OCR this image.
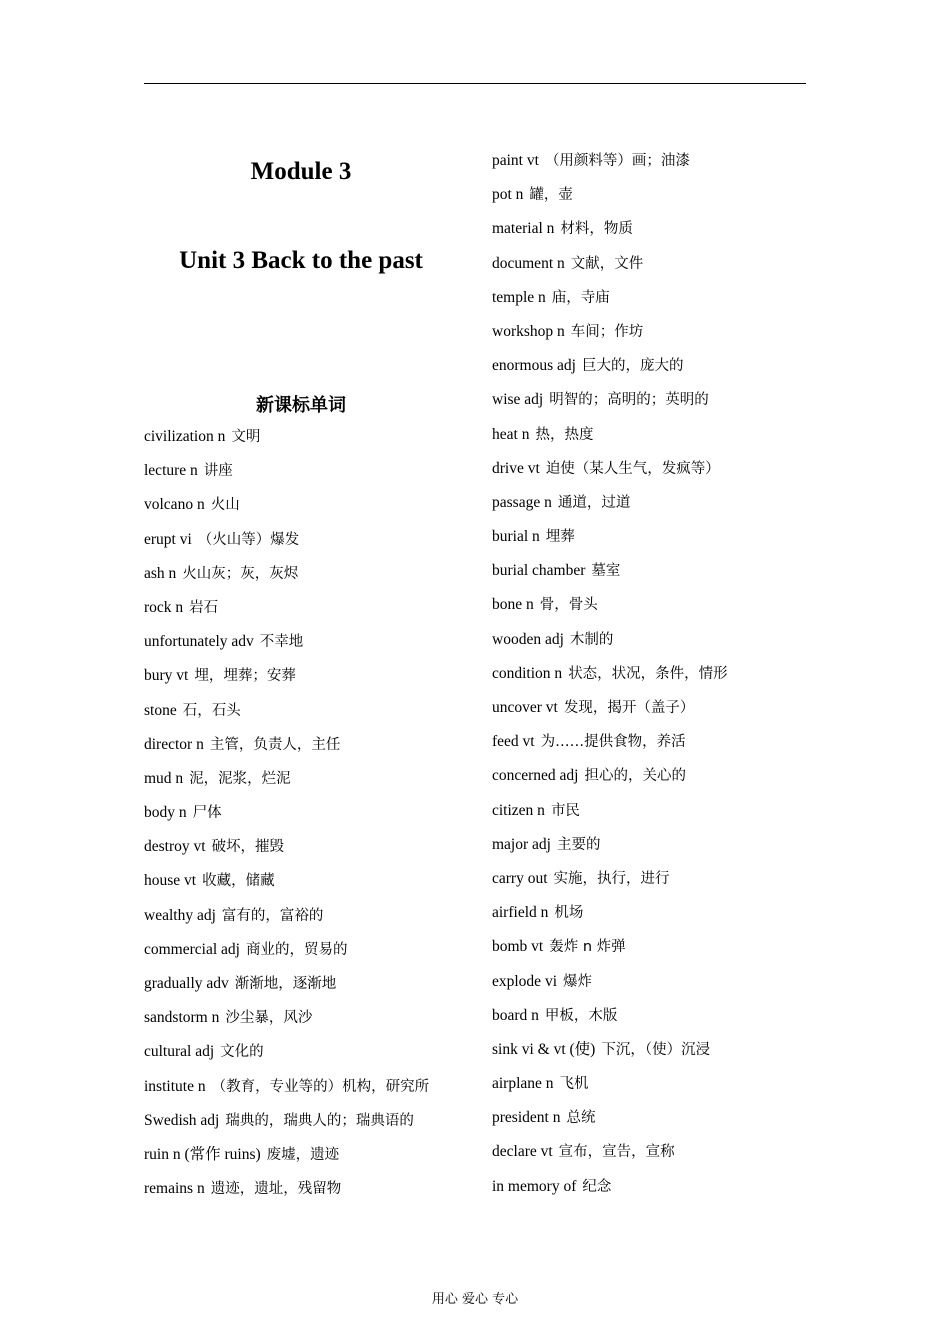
Module 3
Unit 3 Back to the past
新课标单词
civilization n 文明
lecture n 讲座
volcano n 火山
erupt vi （火山等）爆发
ash n 火山灰；灰，灰烬
rock n 岩石
unfortunately adv 不幸地
bury vt 埋，埋葬；安葬
stone 石，石头
director n 主管，负责人，主任
mud n 泥，泥浆，烂泥
body n 尸体
destroy vt 破坏，摧毁
house vt 收藏，储藏
wealthy adj 富有的，富裕的
commercial adj 商业的，贸易的
gradually adv 渐渐地，逐渐地
sandstorm n 沙尘暴，风沙
cultural adj 文化的
institute n （教育，专业等的）机构，研究所
Swedish adj 瑞典的，瑞典人的；瑞典语的
ruin n (常作 ruins) 废墟，遗迹
remains n 遗迹，遗址，残留物
paint vt （用颜料等）画；油漆
pot n 罐，壶
material n 材料，物质
document n 文献，文件
temple n 庙，寺庙
workshop n 车间；作坊
enormous adj 巨大的，庞大的
wise adj 明智的；高明的；英明的
heat n 热，热度
drive vt 迫使（某人生气，发疯等）
passage n 通道，过道
burial n 埋葬
burial chamber 墓室
bone n 骨，骨头
wooden adj 木制的
condition n 状态，状况，条件，情形
uncover vt 发现，揭开（盖子）
feed vt 为……提供食物，养活
concerned adj 担心的，关心的
citizen n 市民
major adj 主要的
carry out 实施，执行，进行
airfield n 机场
bomb vt 轰炸 n 炸弹
explode vi 爆炸
board n 甲板，木版
sink vi & vt (使) 下沉，（使）沉浸
airplane n 飞机
president n 总统
declare vt 宣布，宣告，宣称
in memory of 纪念
用心 爱心 专心
